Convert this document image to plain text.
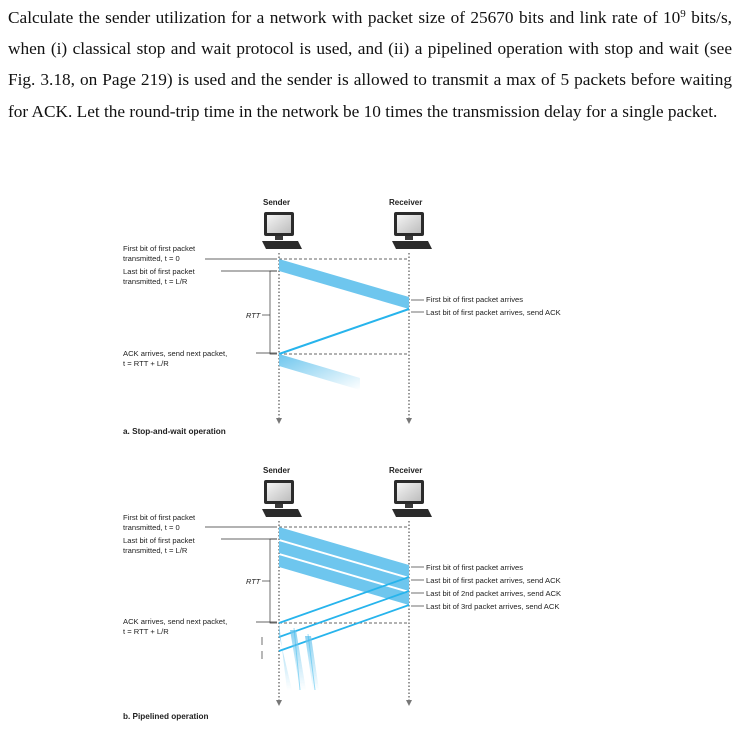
Calculate the sender utilization for a network with packet size of 25670 bits and link rate of $10^9$ bits/s, when (i) classical stop and wait protocol is used, and (ii) a pipelined operation with stop and wait (see Fig. 3.18, on Page 219) is used and the sender is allowed to transmit a max of 5 packets before waiting for ACK. Let the round-trip time in the network be 10 times the transmission delay for a single packet.

Sender	Receiver
First bit of first packet
transmitted, t = 0
Last bit of first packet
transmitted, t = L/R
RTT
ACK arrives, send next packet,
t = RTT + L/R
First bit of first packet arrives
Last bit of first packet arrives, send ACK
a. Stop-and-wait operation
Sender	Receiver
First bit of first packet
transmitted, t = 0
Last bit of first packet
transmitted, t = L/R
RTT
ACK arrives, send next packet,
t = RTT + L/R
First bit of first packet arrives
Last bit of first packet arrives, send ACK
Last bit of 2nd packet arrives, send ACK
Last bit of 3rd packet arrives, send ACK
b. Pipelined operation
